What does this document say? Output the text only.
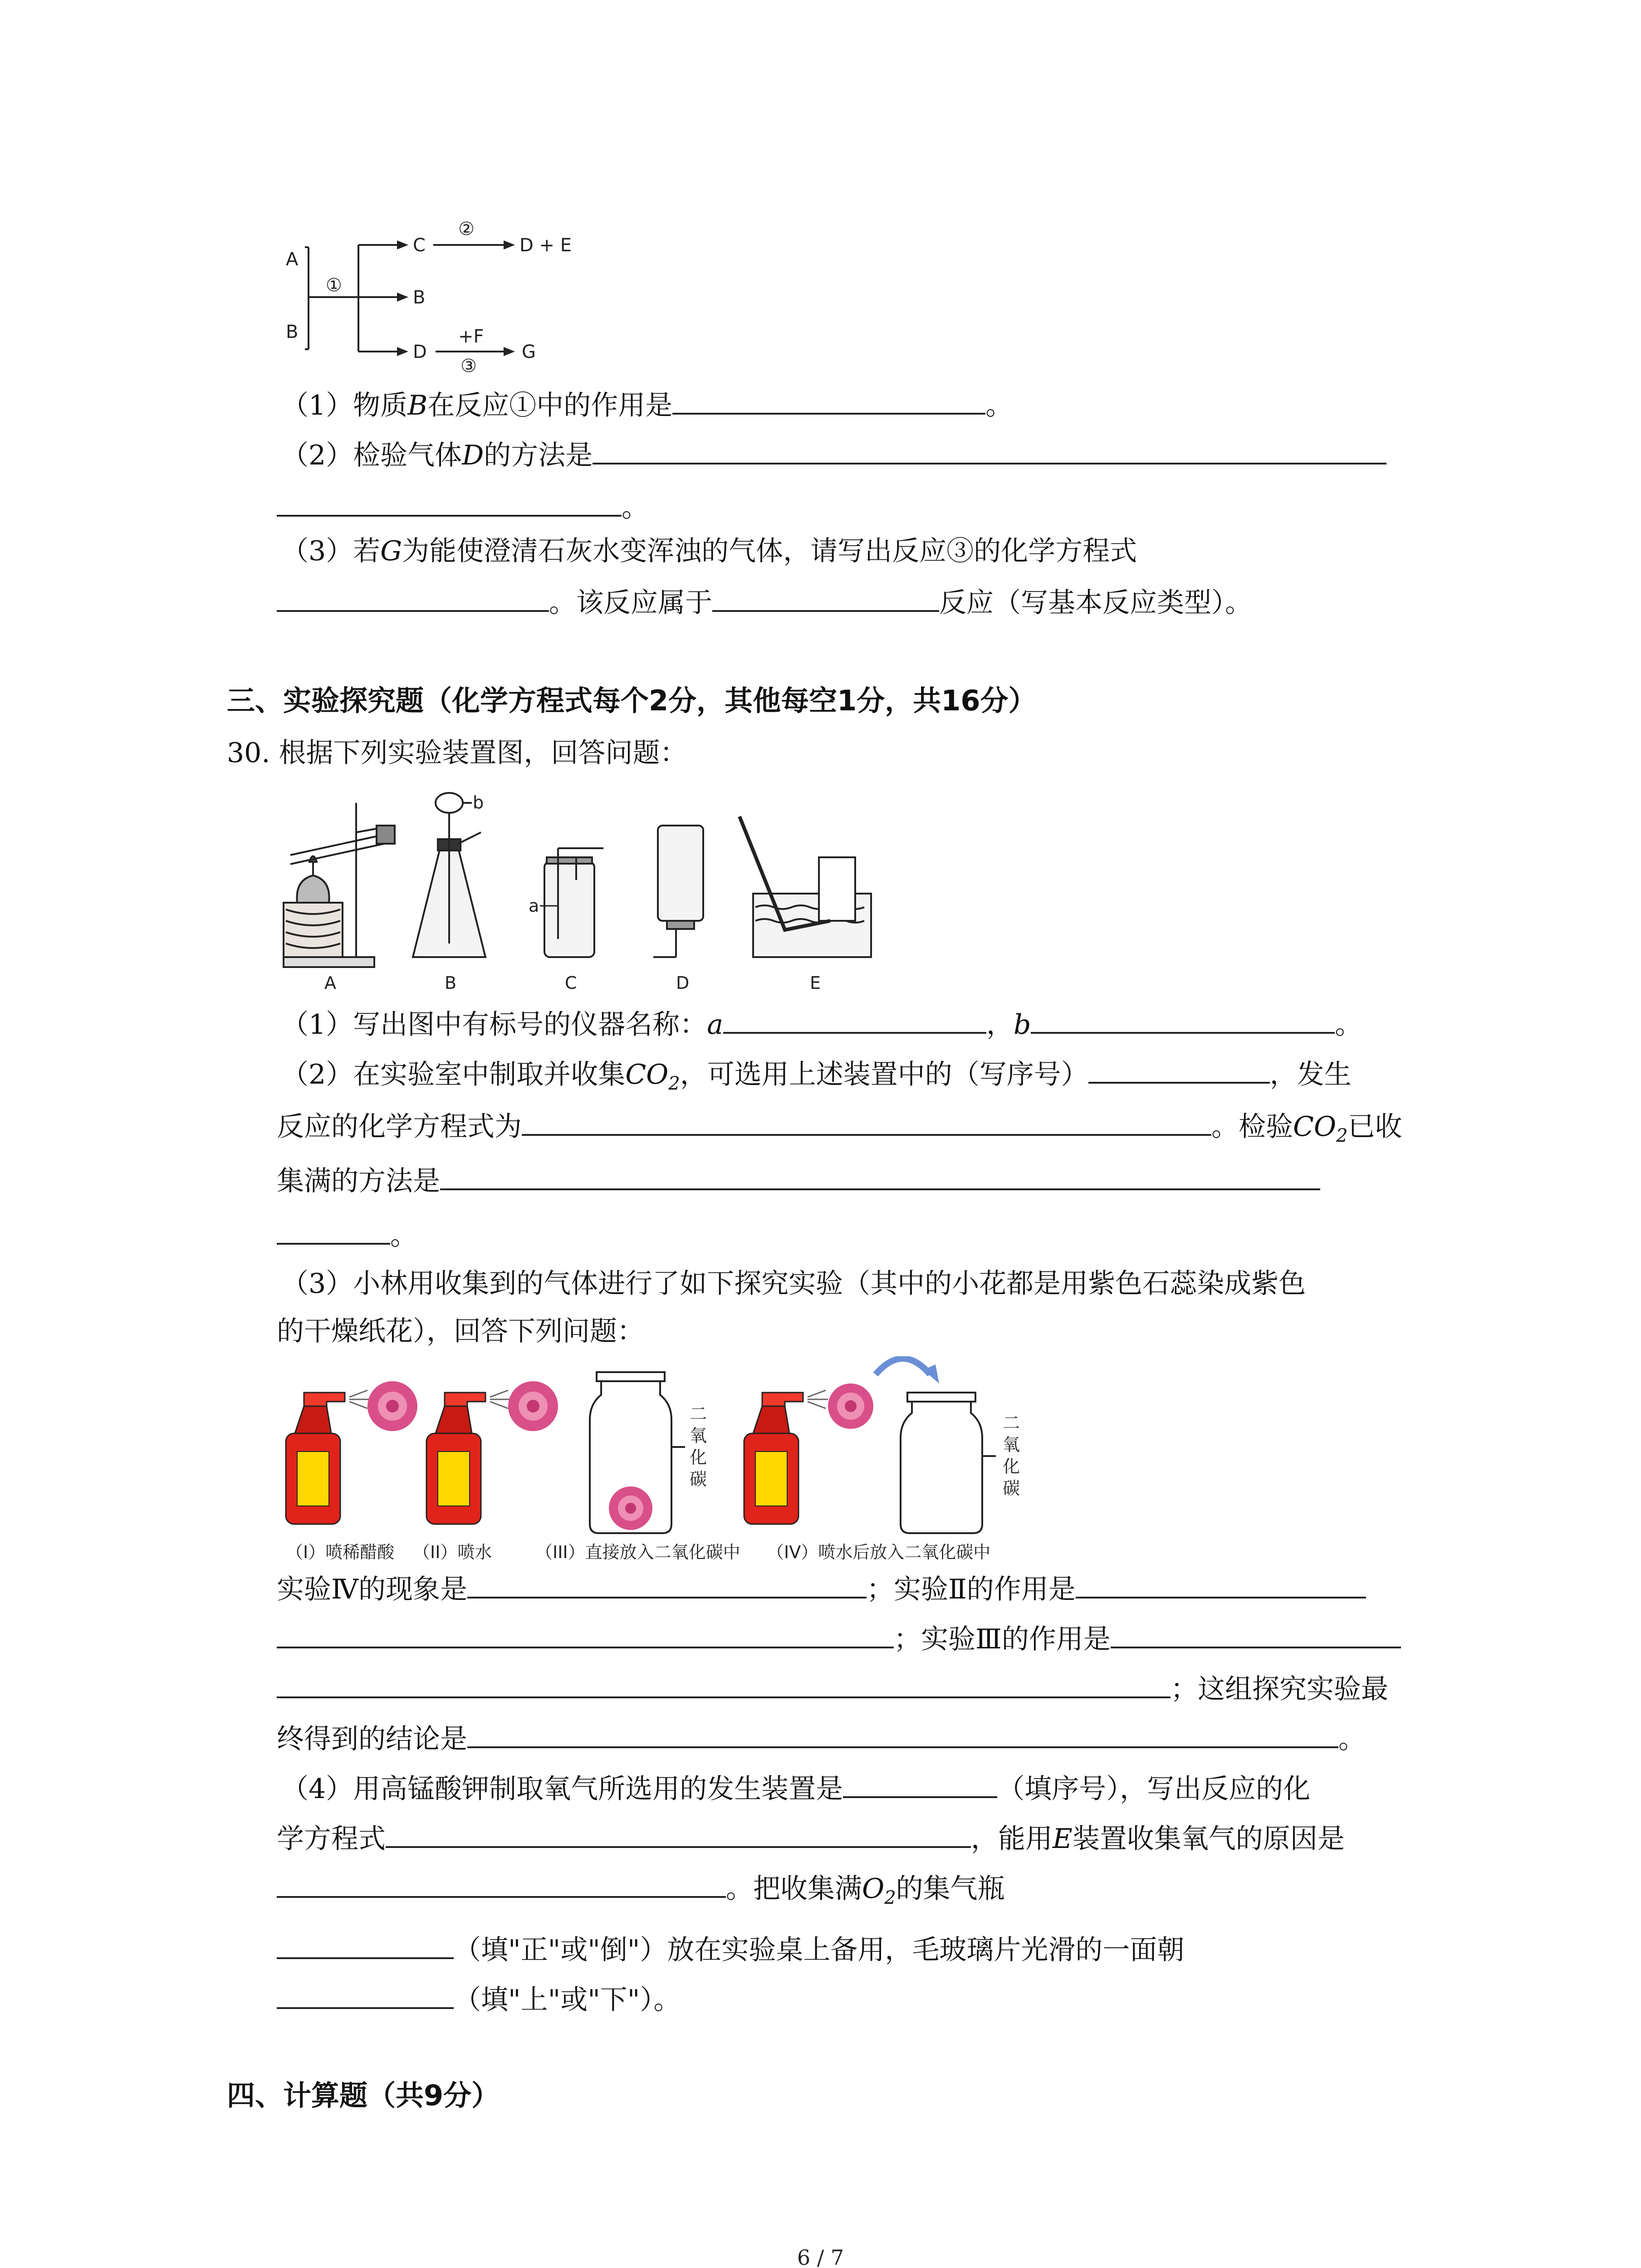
A
B
①
C
②
D + E
B
D
+F
③
G
（1）物质B在反应①中的作用是	。
（2）检验气体D的方法是
。
（3）若G为能使澄清石灰水变浑浊的气体，请写出反应③的化学方程式
。该反应属于	反应（写基本反应类型）。
三、实验探究题（化学方程式每个2分，其他每空1分，共16分）
30. 根据下列实验装置图，回答问题：
b
a
A	B	C	D	E
（1）写出图中有标号的仪器名称：a	，b	。
（2）在实验室中制取并收集$CO_2$，可选用上述装置中的（写序号）	，发生
反应的化学方程式为	。检验$CO_2$已收
集满的方法是
。
（3）小林用收集到的气体进行了如下探究实验（其中的小花都是用紫色石蕊染成紫色
的干燥纸花），回答下列问题：
二氧化碳
二氧化碳
（I）喷稀醋酸 （II）喷水	（III）直接放入二氧化碳中 （IV）喷水后放入二氧化碳中
实验Ⅳ的现象是	；实验Ⅱ的作用是
；实验Ⅲ的作用是
；这组探究实验最
终得到的结论是	。
（4）用高锰酸钾制取氧气所选用的发生装置是	（填序号），写出反应的化
学方程式	，能用E装置收集氧气的原因是
。把收集满$O_2$的集气瓶
（填"正"或"倒"）放在实验桌上备用，毛玻璃片光滑的一面朝
（填"上"或"下"）。
四、计算题（共9分）
6 / 7
